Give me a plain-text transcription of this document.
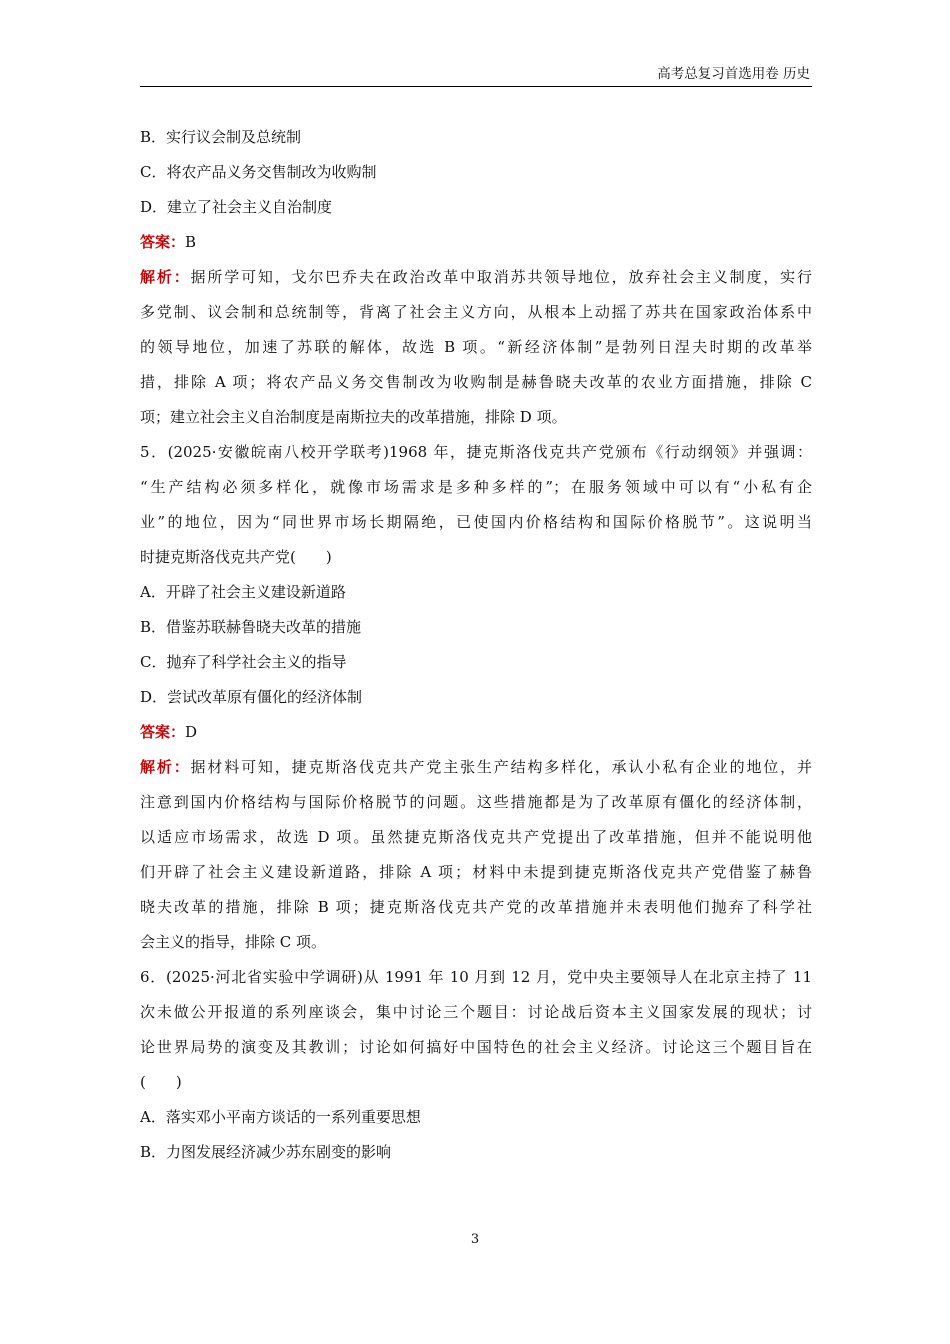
高考总复习首选用卷 历史
B．实行议会制及总统制
C．将农产品义务交售制改为收购制
D．建立了社会主义自治制度
答案：B
解析：据所学可知，戈尔巴乔夫在政治改革中取消苏共领导地位，放弃社会主义制度，实行
多党制、议会制和总统制等，背离了社会主义方向，从根本上动摇了苏共在国家政治体系中
的领导地位，加速了苏联的解体，故选 B 项。“新经济体制”是勃列日涅夫时期的改革举
措，排除 A 项；将农产品义务交售制改为收购制是赫鲁晓夫改革的农业方面措施，排除 C
项；建立社会主义自治制度是南斯拉夫的改革措施，排除 D 项。
5．(2025·安徽皖南八校开学联考)1968 年，捷克斯洛伐克共产党颁布《行动纲领》并强调：
“生产结构必须多样化，就像市场需求是多种多样的”；在服务领域中可以有“小私有企
业”的地位，因为“同世界市场长期隔绝，已使国内价格结构和国际价格脱节”。这说明当
时捷克斯洛伐克共产党(　　)
A．开辟了社会主义建设新道路
B．借鉴苏联赫鲁晓夫改革的措施
C．抛弃了科学社会主义的指导
D．尝试改革原有僵化的经济体制
答案：D
解析：据材料可知，捷克斯洛伐克共产党主张生产结构多样化，承认小私有企业的地位，并
注意到国内价格结构与国际价格脱节的问题。这些措施都是为了改革原有僵化的经济体制，
以适应市场需求，故选 D 项。虽然捷克斯洛伐克共产党提出了改革措施，但并不能说明他
们开辟了社会主义建设新道路，排除 A 项；材料中未提到捷克斯洛伐克共产党借鉴了赫鲁
晓夫改革的措施，排除 B 项；捷克斯洛伐克共产党的改革措施并未表明他们抛弃了科学社
会主义的指导，排除 C 项。
6．(2025·河北省实验中学调研)从 1991 年 10 月到 12 月，党中央主要领导人在北京主持了 11
次未做公开报道的系列座谈会，集中讨论三个题目：讨论战后资本主义国家发展的现状；讨
论世界局势的演变及其教训；讨论如何搞好中国特色的社会主义经济。讨论这三个题目旨在
(　　)
A．落实邓小平南方谈话的一系列重要思想
B．力图发展经济减少苏东剧变的影响
3
